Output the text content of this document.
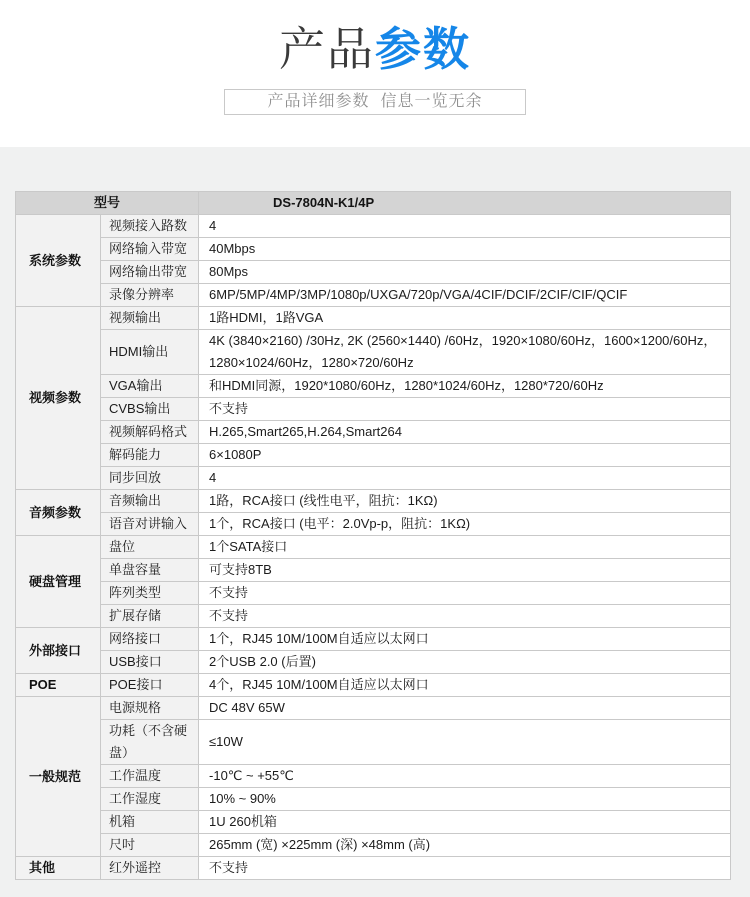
产品参数
产品详细参数  信息一览无余
型号		DS-7804N-K1/4P
系统参数	视频接入路数	4
	网络输入带宽	40Mbps
	网络输出带宽	80Mps
	录像分辨率	6MP/5MP/4MP/3MP/1080p/UXGA/720p/VGA/4CIF/DCIF/2CIF/CIF/QCIF
视频参数	视频输出	1路HDMI，1路VGA
	HDMI输出	4K (3840×2160) /30Hz, 2K (2560×1440) /60Hz，1920×1080/60Hz，1600×1200/60Hz，1280×1024/60Hz，1280×720/60Hz
	VGA输出	和HDMI同源，1920*1080/60Hz，1280*1024/60Hz，1280*720/60Hz
	CVBS输出	不支持
	视频解码格式	H.265,Smart265,H.264,Smart264
	解码能力	6×1080P
	同步回放	4
音频参数	音频输出	1路，RCA接口 (线性电平，阻抗：1KΩ)
	语音对讲输入	1个，RCA接口 (电平：2.0Vp-p，阻抗：1KΩ)
硬盘管理	盘位	1个SATA接口
	单盘容量	可支持8TB
	阵列类型	不支持
	扩展存储	不支持
外部接口	网络接口	1个，RJ45 10M/100M自适应以太网口
	USB接口	2个USB 2.0 (后置)
POE	POE接口	4个，RJ45 10M/100M自适应以太网口
一般规范	电源规格	DC 48V 65W
	功耗（不含硬盘）	≤10W
	工作温度	-10℃ ~ +55℃
	工作湿度	10% ~ 90%
	机箱	1U 260机箱
	尺吋	265mm (宽) ×225mm (深) ×48mm (高)
其他	红外遥控	不支持
